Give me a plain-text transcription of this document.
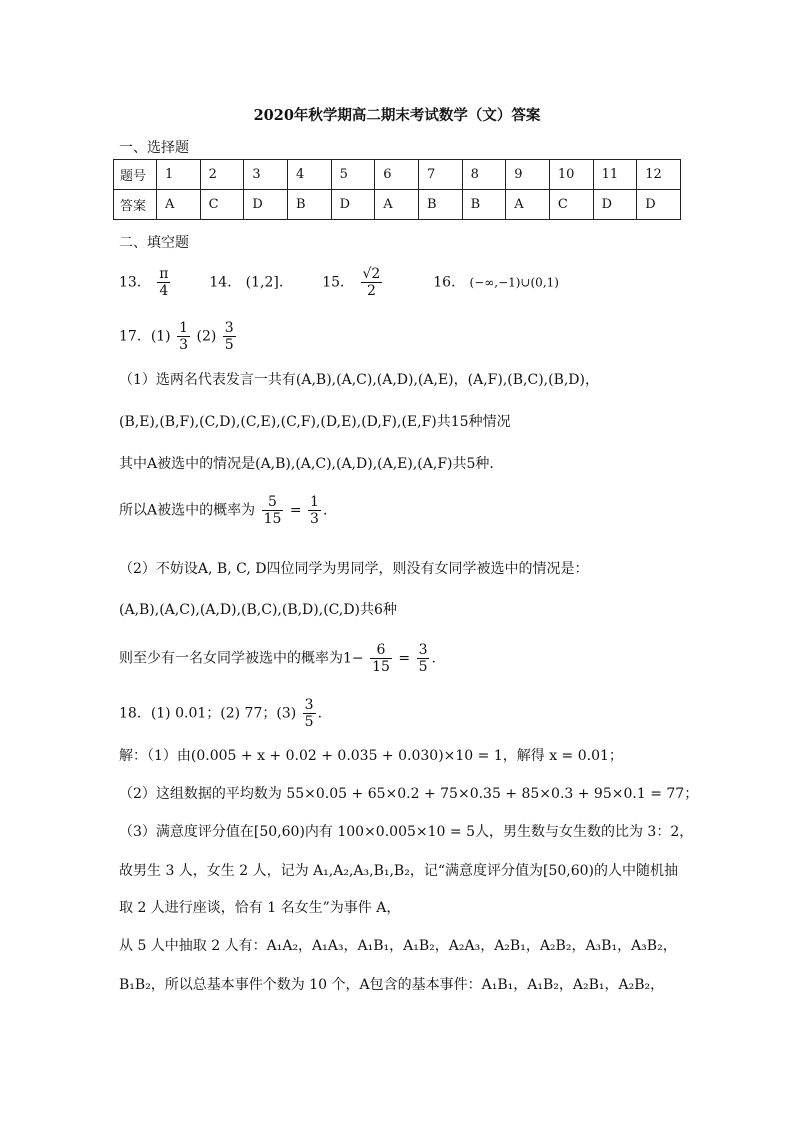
2020年秋学期高二期末考试数学（文）答案
一、选择题
题号	1	2	3	4	5	6	7	8	9	10	11	12
答案	A	C	D	B	D	A	B	B	A	C	D	D
二、填空题
13． $\frac{\pi}{4}$	14． (1,2].	15． $\frac{√2}{2}$	16． (−∞,−1)∪(0,1)
17．$(1) \frac{1}{3} (2) \frac{3}{5}$
（1）选两名代表发言一共有(A,B),(A,C),(A,D),(A,E)，(A,F),(B,C),(B,D)，
(B,E),(B,F),(C,D),(C,E),(C,F),(D,E),(D,F),(E,F)共15种情况
其中A被选中的情况是(A,B),(A,C),(A,D),(A,E),(A,F)共5种.
所以A被选中的概率为 $\frac{5}{15} = \frac{1}{3}$ .
（2）不妨设A, B, C, D四位同学为男同学，则没有女同学被选中的情况是：
(A,B),(A,C),(A,D),(B,C),(B,D),(C,D)共6种
则至少有一名女同学被选中的概率为$1- \frac{6}{15} = \frac{3}{5}$ .
18．(1) 0.01；(2) 77；$(3) \frac{3}{5}$ .
解：（1）由(0.005 + x + 0.02 + 0.035 + 0.030)×10 = 1，解得 x = 0.01；
（2）这组数据的平均数为 55×0.05 + 65×0.2 + 75×0.35 + 85×0.3 + 95×0.1 = 77；
（3）满意度评分值在[50,60)内有 100×0.005×10 = 5人，男生数与女生数的比为 3：2，
故男生 3 人，女生 2 人，记为 A₁,A₂,A₃,B₁,B₂，记“满意度评分值为[50,60)的人中随机抽
取 2 人进行座谈，恰有 1 名女生”为事件 A，
从 5 人中抽取 2 人有：A₁A₂，A₁A₃，A₁B₁，A₁B₂，A₂A₃，A₂B₁，A₂B₂，A₃B₁，A₃B₂，
B₁B₂，所以总基本事件个数为 10 个，A包含的基本事件：A₁B₁，A₁B₂，A₂B₁，A₂B₂，
